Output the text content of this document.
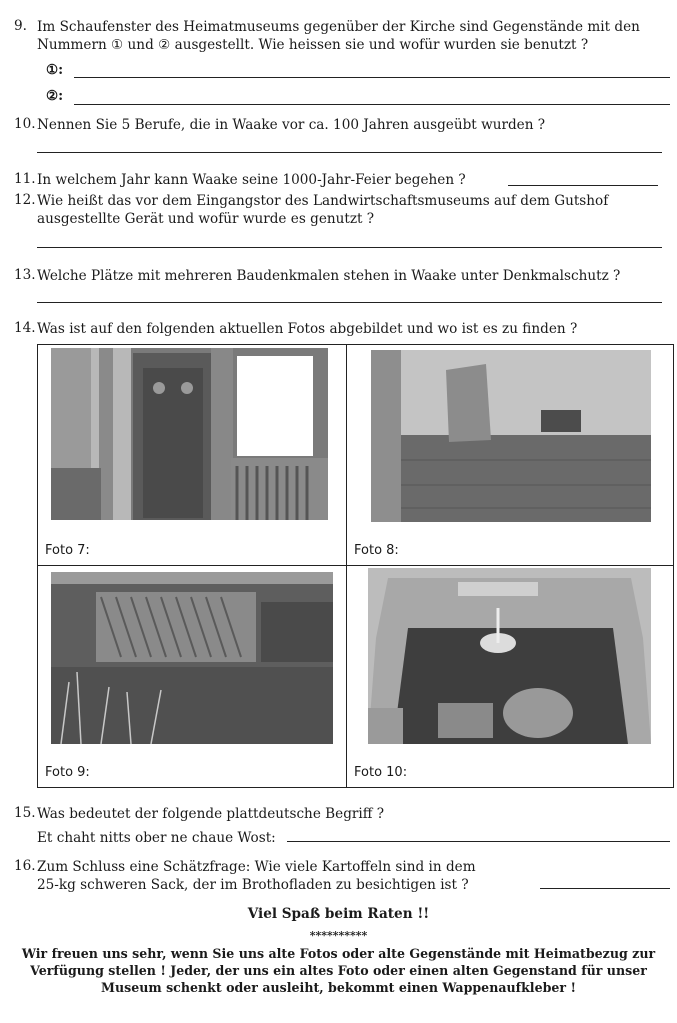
9. Im Schaufenster des Heimatmuseums gegenüber der Kirche sind Gegenstände mit den
Nummern ① und ② ausgestellt. Wie heissen sie und wofür wurden sie benutzt ?
①:
②:
10. Nennen Sie 5 Berufe, die in Waake vor ca. 100 Jahren ausgeübt wurden ?
11. In welchem Jahr kann Waake seine 1000-Jahr-Feier begehen ?
12. Wie heißt das vor dem Eingangstor des Landwirtschaftsmuseums auf dem Gutshof
ausgestellte Gerät und wofür wurde es genutzt ?
13. Welche Plätze mit mehreren Baudenkmalen stehen in Waake unter Denkmalschutz ?
14. Was ist auf den folgenden aktuellen Fotos abgebildet und wo ist es zu finden ?
Foto 7:	Foto 8:
Foto 9:	Foto 10:
15. Was bedeutet der folgende plattdeutsche Begriff ?
Et chaht nitts ober ne chaue Wost:
16. Zum Schluss eine Schätzfrage: Wie viele Kartoffeln sind in dem
25-kg schweren Sack, der im Brothofladen zu besichtigen ist ?
Viel Spaß beim Raten !!
**********
Wir freuen uns sehr, wenn Sie uns alte Fotos oder alte Gegenstände mit Heimatbezug zur
Verfügung stellen ! Jeder, der uns ein altes Foto oder einen alten Gegenstand für unser
Museum schenkt oder ausleiht, bekommt einen Wappenaufkleber !
